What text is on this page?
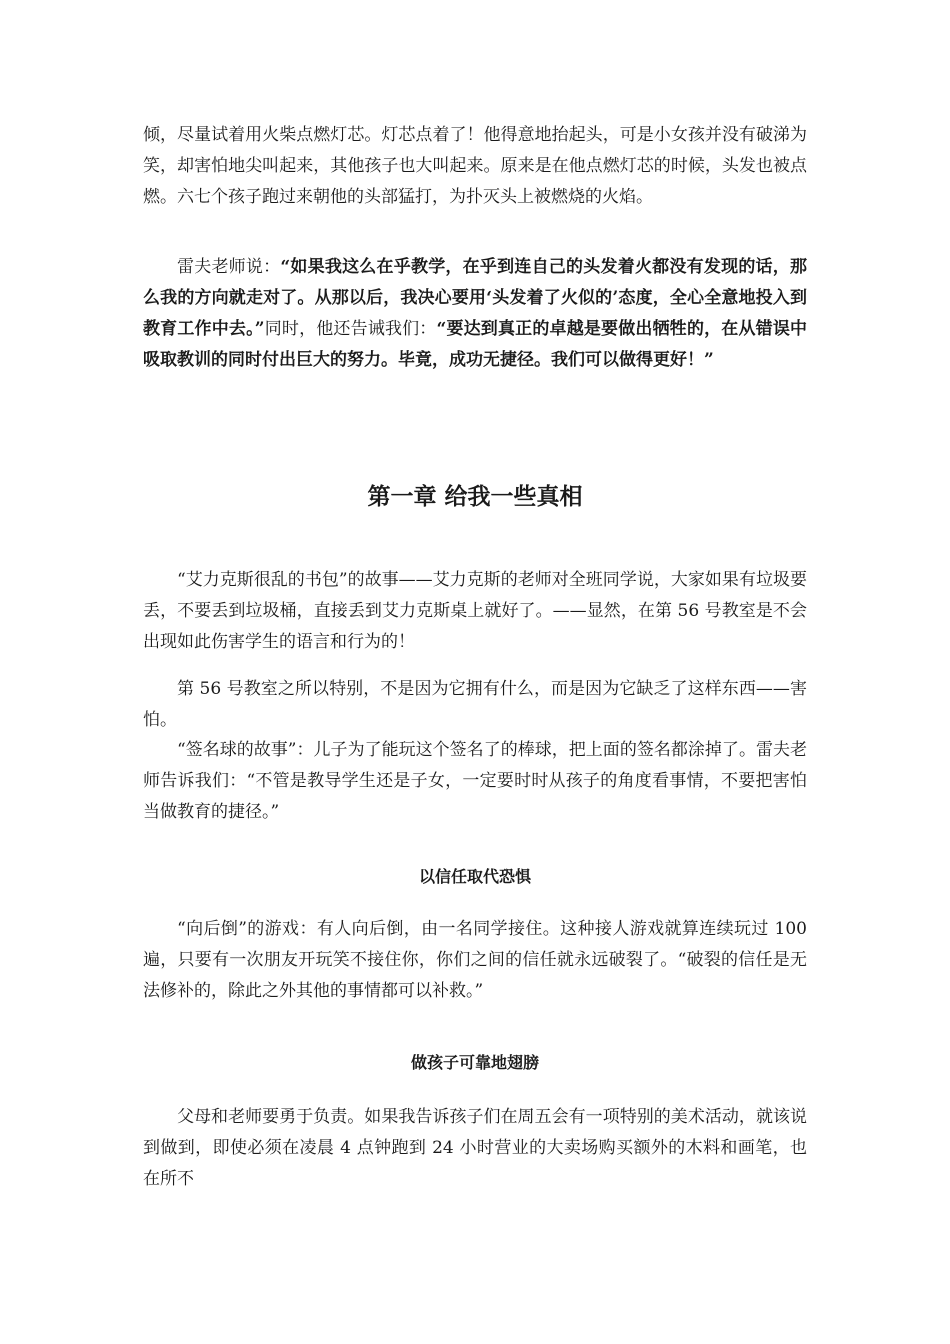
倾，尽量试着用火柴点燃灯芯。灯芯点着了！他得意地抬起头，可是小女孩并没有破涕为笑，却害怕地尖叫起来，其他孩子也大叫起来。原来是在他点燃灯芯的时候，头发也被点燃。六七个孩子跑过来朝他的头部猛打，为扑灭头上被燃烧的火焰。

雷夫老师说：“如果我这么在乎教学，在乎到连自己的头发着火都没有发现的话，那么我的方向就走对了。从那以后，我决心要用‘头发着了火似的’态度，全心全意地投入到教育工作中去。”同时，他还告诫我们：“要达到真正的卓越是要做出牺牲的，在从错误中吸取教训的同时付出巨大的努力。毕竟，成功无捷径。我们可以做得更好！”

第一章 给我一些真相

“艾力克斯很乱的书包”的故事——艾力克斯的老师对全班同学说，大家如果有垃圾要丢，不要丢到垃圾桶，直接丢到艾力克斯桌上就好了。——显然，在第 56 号教室是不会出现如此伤害学生的语言和行为的！

第 56 号教室之所以特别，不是因为它拥有什么，而是因为它缺乏了这样东西——害怕。

“签名球的故事”：儿子为了能玩这个签名了的棒球，把上面的签名都涂掉了。雷夫老师告诉我们：“不管是教导学生还是子女，一定要时时从孩子的角度看事情，不要把害怕当做教育的捷径。”

以信任取代恐惧

“向后倒”的游戏：有人向后倒，由一名同学接住。这种接人游戏就算连续玩过 100 遍，只要有一次朋友开玩笑不接住你，你们之间的信任就永远破裂了。“破裂的信任是无法修补的，除此之外其他的事情都可以补救。”

做孩子可靠地翅膀

父母和老师要勇于负责。如果我告诉孩子们在周五会有一项特别的美术活动，就该说到做到，即使必须在凌晨 4 点钟跑到 24 小时营业的大卖场购买额外的木料和画笔，也在所不
